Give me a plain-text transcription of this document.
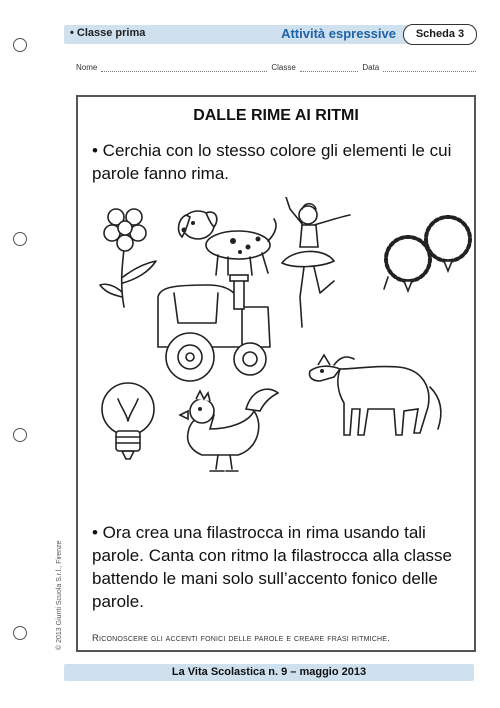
• Classe prima	Attività espressive	Scheda 3
Nome	Classe	Data
DALLE RIME AI RITMI
• Cerchia con lo stesso colore gli elementi le cui parole fanno rima.
• Ora crea una filastrocca in rima usando tali parole. Canta con ritmo la filastrocca alla classe battendo le mani solo sull’accento fonico delle parole.
Riconoscere gli accenti fonici delle parole e creare frasi ritmiche.
© 2013 Giunti Scuola S.r.l., Firenze
La Vita Scolastica n. 9 – maggio 2013
